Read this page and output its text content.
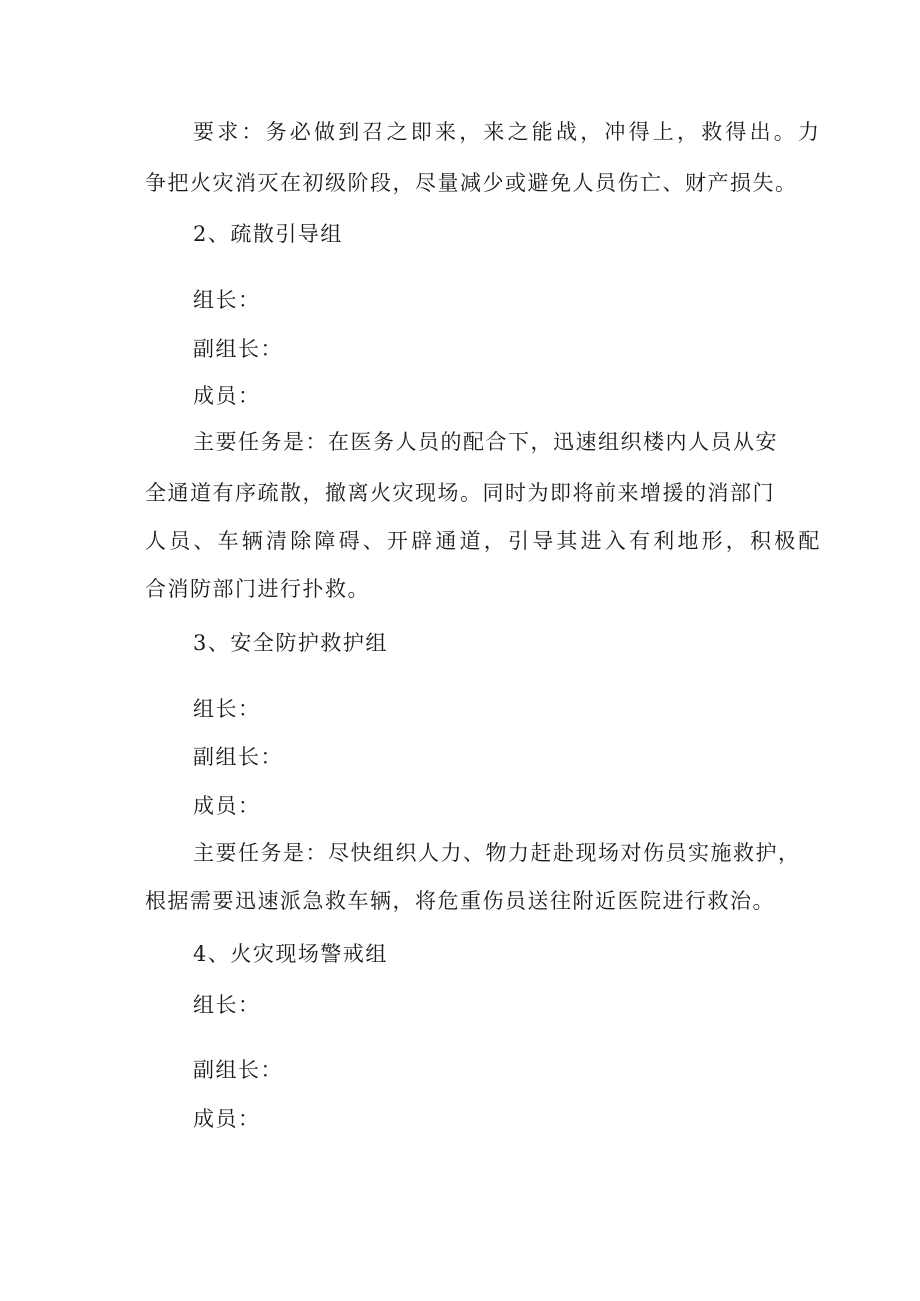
要求：务必做到召之即来，来之能战，冲得上，救得出。力
争把火灾消灭在初级阶段，尽量减少或避免人员伤亡、财产损失。
2、疏散引导组
组长：
副组长：
成员：
主要任务是：在医务人员的配合下，迅速组织楼内人员从安
全通道有序疏散，撤离火灾现场。同时为即将前来增援的消部门
人员、车辆清除障碍、开辟通道，引导其进入有利地形，积极配
合消防部门进行扑救。
3、安全防护救护组
组长：
副组长：
成员：
主要任务是：尽快组织人力、物力赶赴现场对伤员实施救护，
根据需要迅速派急救车辆，将危重伤员送往附近医院进行救治。
4、火灾现场警戒组
组长：
副组长：
成员：
